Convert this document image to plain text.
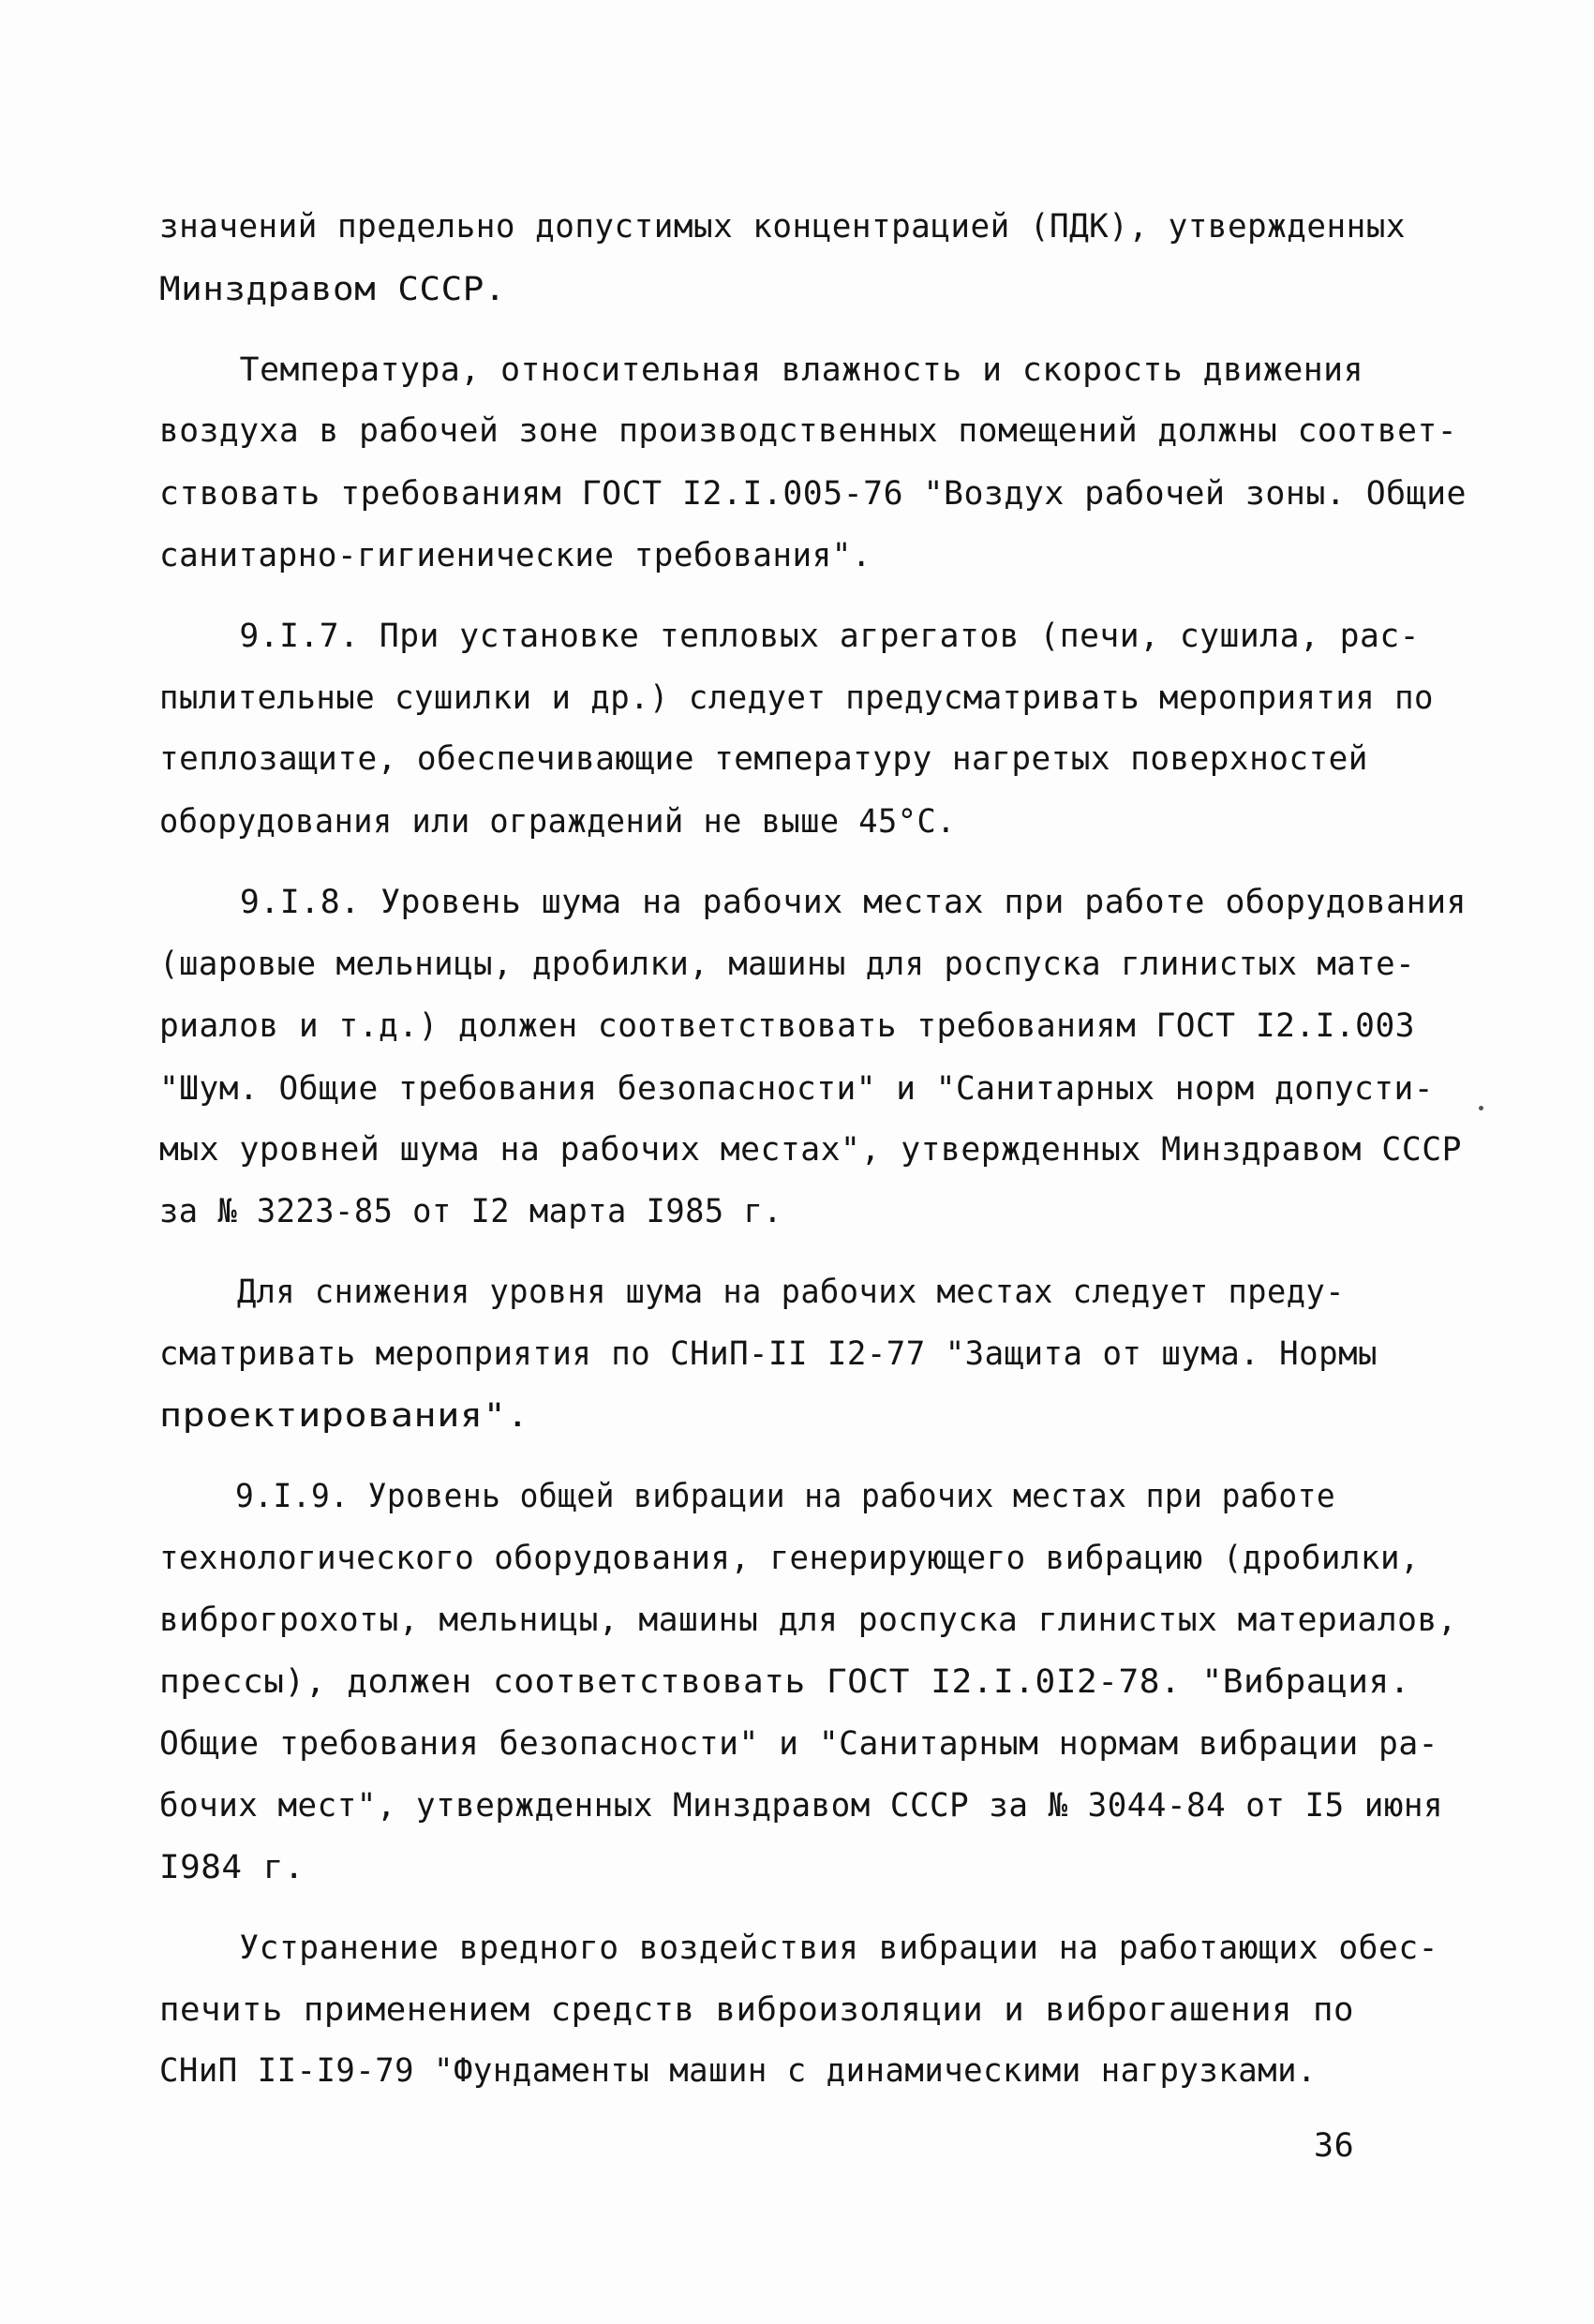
значений предельно допустимых концентрацией (ПДК), утвержденных
Минздравом СССР.
Температура, относительная влажность и скорость движения
воздуха в рабочей зоне производственных помещений должны соответ-
ствовать требованиям ГОСТ I2.I.005-76 "Воздух рабочей зоны. Общие
санитарно-гигиенические требования".
9.I.7. При установке тепловых агрегатов (печи, сушила, рас-
пылительные сушилки и др.) следует предусматривать мероприятия по
теплозащите, обеспечивающие температуру нагретых поверхностей
оборудования или ограждений не выше 45°С.
9.I.8. Уровень шума на рабочих местах при работе оборудования
(шаровые мельницы, дробилки, машины для роспуска глинистых мате-
риалов и т.д.) должен соответствовать требованиям ГОСТ I2.I.003
"Шум. Общие требования безопасности" и "Санитарных норм допусти-
мых уровней шума на рабочих местах", утвержденных Минздравом СССР
за № 3223-85 от I2 марта I985 г.
Для снижения уровня шума на рабочих местах следует преду-
сматривать мероприятия по СНиП-II I2-77 "Защита от шума. Нормы
проектирования".
9.I.9. Уровень общей вибрации на рабочих местах при работе
технологического оборудования, генерирующего вибрацию (дробилки,
виброгрохоты, мельницы, машины для роспуска глинистых материалов,
прессы), должен соответствовать ГОСТ I2.I.0I2-78. "Вибрация.
Общие требования безопасности" и "Санитарным нормам вибрации ра-
бочих мест", утвержденных Минздравом СССР за № 3044-84 от I5 июня
I984 г.
Устранение вредного воздействия вибрации на работающих обес-
печить применением средств виброизоляции и виброгашения по
СНиП II-I9-79 "Фундаменты машин с динамическими нагрузками.
36
